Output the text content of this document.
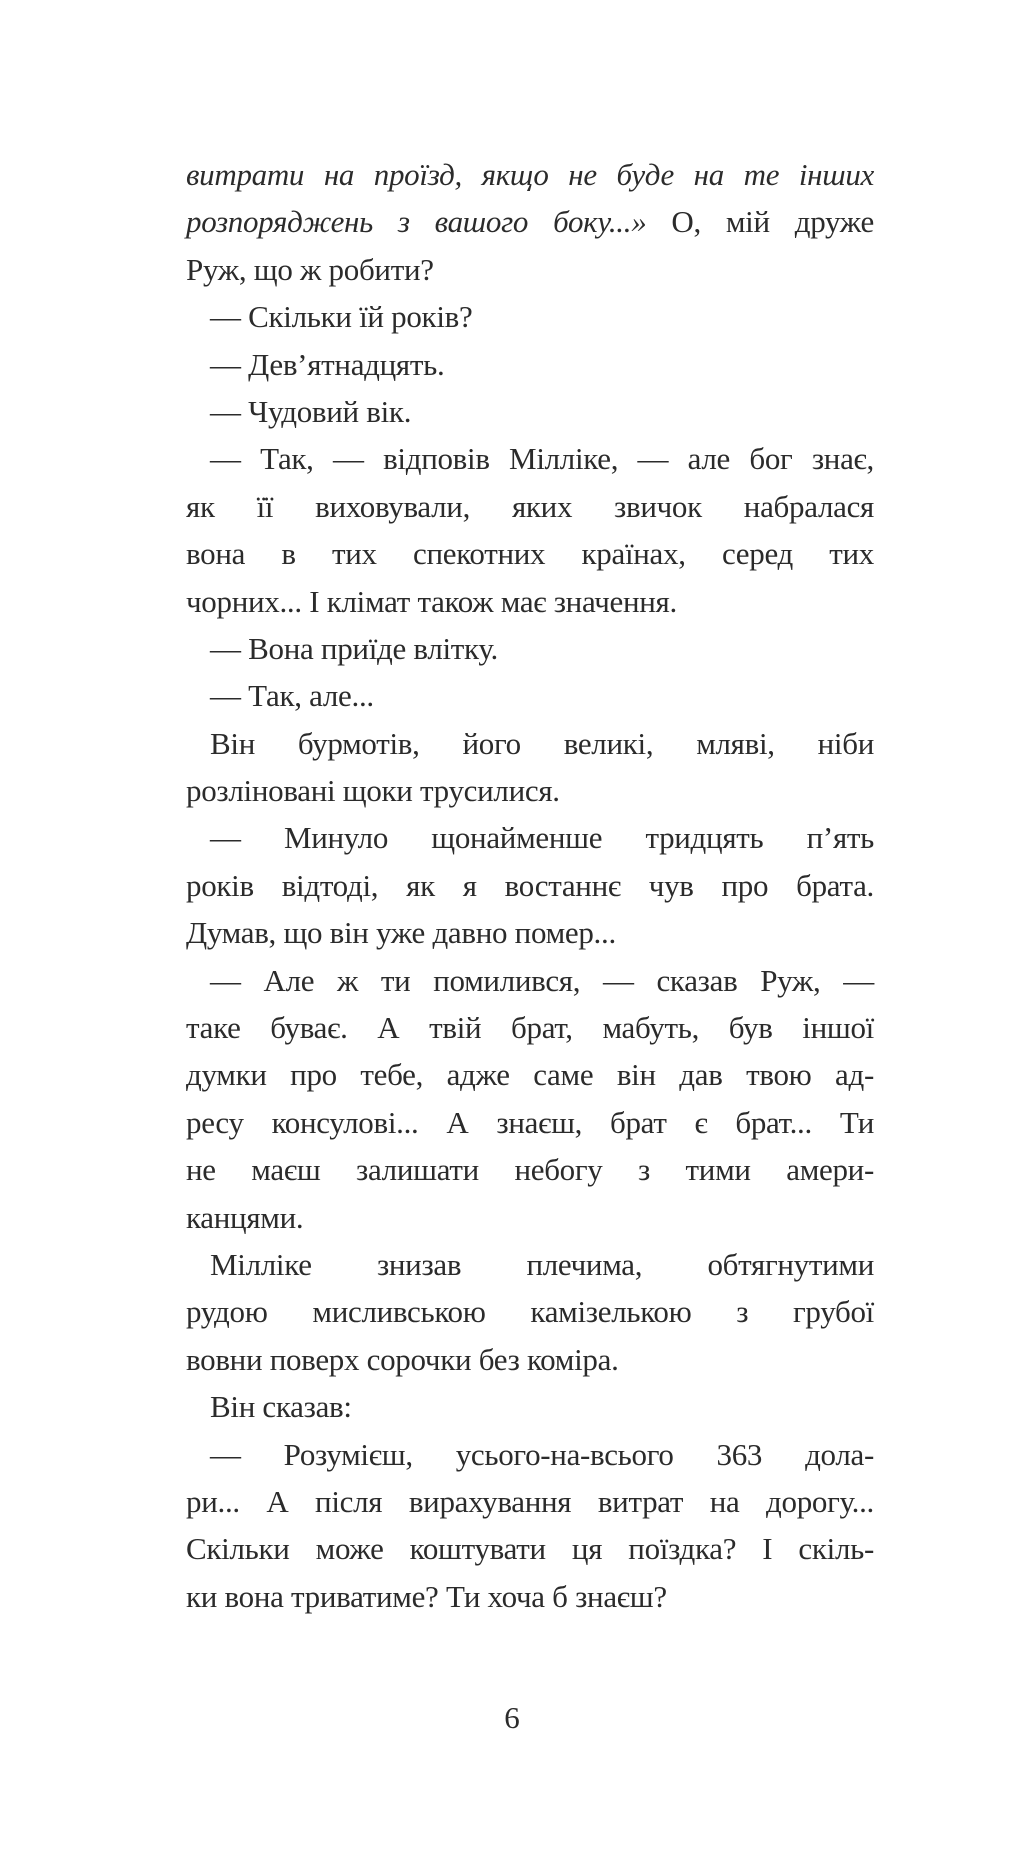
витрати на проїзд, якщо не буде на те інших
розпоряджень з вашого боку...» О, мій друже
Руж, що ж робити?
— Скільки їй років?
— Дев’ятнадцять.
— Чудовий вік.
— Так, — відповів Мілліке, — але бог знає,
як її виховували, яких звичок набралася
вона в тих спекотних країнах, серед тих
чорних... І клімат також має значення.
— Вона приїде влітку.
— Так, але...
Він бурмотів, його великі, мляві, ніби
розліновані щоки трусилися.
— Минуло щонайменше тридцять п’ять
років відтоді, як я востаннє чув про брата.
Думав, що він уже давно помер...
— Але ж ти помилився, — сказав Руж, —
таке буває. А твій брат, мабуть, був іншої
думки про тебе, адже саме він дав твою ад-
ресу консулові... А знаєш, брат є брат... Ти
не маєш залишати небогу з тими амери-
канцями.
Мілліке знизав плечима, обтягнутими
рудою мисливською камізелькою з грубої
вовни поверх сорочки без коміра.
Він сказав:
— Розумієш, усього-на-всього 363 дола-
ри... А після вирахування витрат на дорогу...
Скільки може коштувати ця поїздка? І скіль-
ки вона триватиме? Ти хоча б знаєш?
6
